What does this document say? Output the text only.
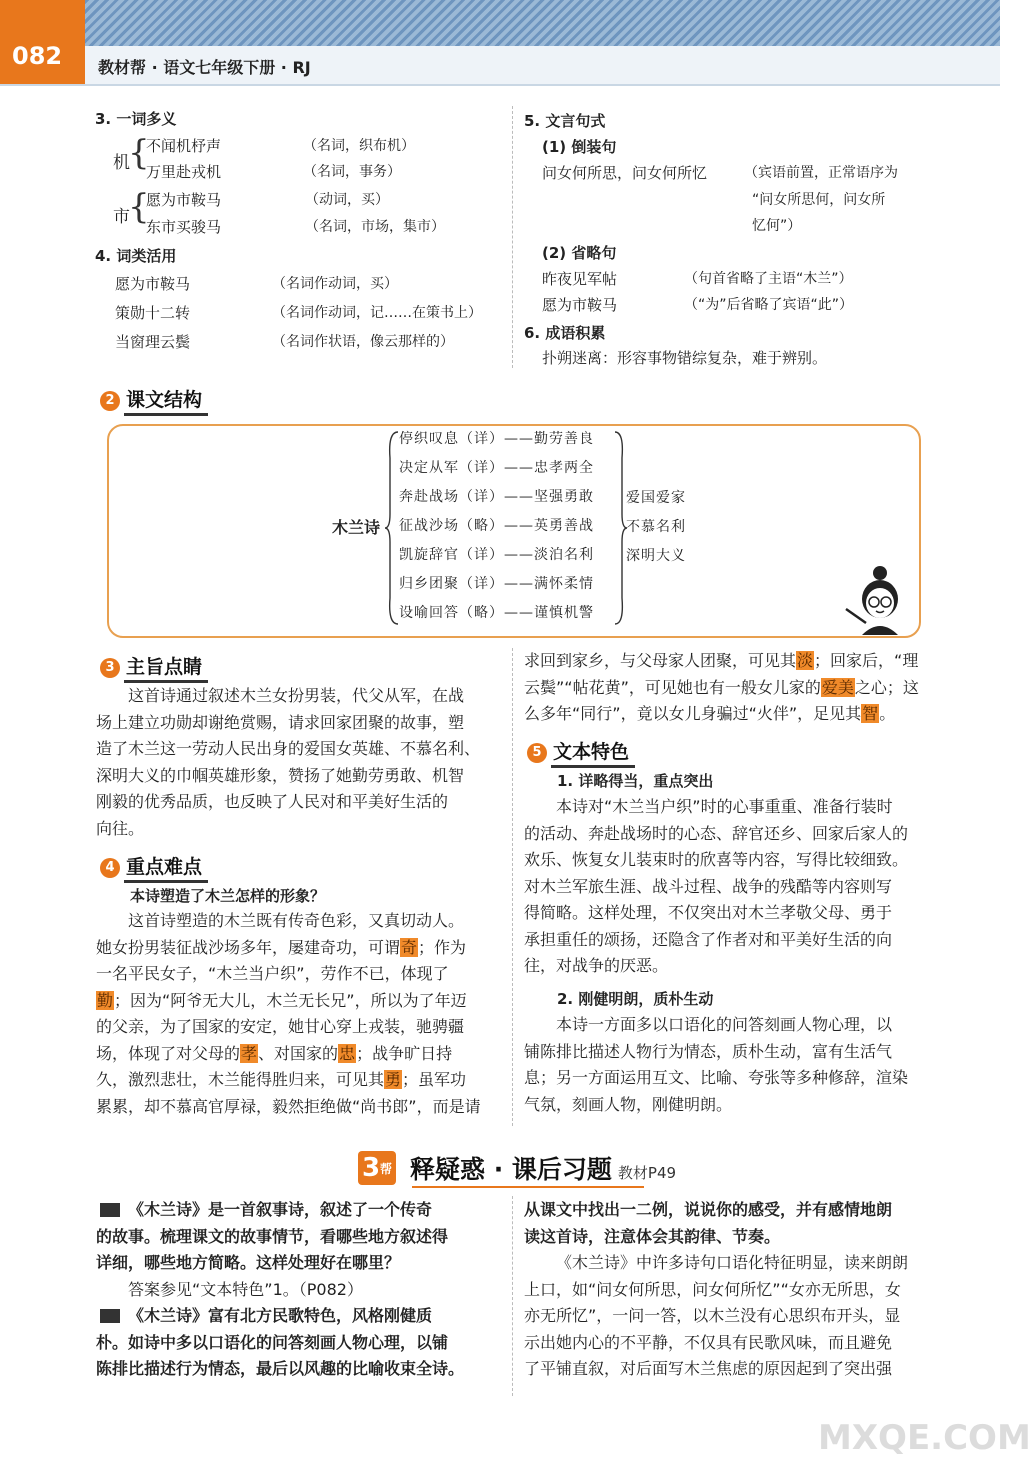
082 教材帮 · 语文七年级下册 · RJ
3. 一词多义
机
{
不闻机杼声	（名词，织布机）
万里赴戎机	（名词，事务）
市
{
愿为市鞍马	（动词，买）
东市买骏马	（名词，市场，集市）
4. 词类活用
愿为市鞍马	（名词作动词，买）
策勋十二转	（名词作动词，记……在策书上）
当窗理云鬓	（名词作状语，像云那样的）
5. 文言句式
(1) 倒装句
问女何所思，问女何所忆	（宾语前置，正常语序为
“问女所思何，问女所
忆何”）
(2) 省略句
昨夜见军帖	（句首省略了主语“木兰”）
愿为市鞍马	（“为”后省略了宾语“此”）
6. 成语积累
扑朔迷离：形容事物错综复杂，难于辨别。
2 课文结构
木兰诗
停织叹息（详）——勤劳善良
决定从军（详）——忠孝两全
奔赴战场（详）——坚强勇敢
征战沙场（略）——英勇善战
凯旋辞官（详）——淡泊名利
归乡团聚（详）——满怀柔情
设喻回答（略）——谨慎机警
爱国爱家
不慕名利
深明大义
3 主旨点睛
这首诗通过叙述木兰女扮男装，代父从军，在战
场上建立功勋却谢绝赏赐，请求回家团聚的故事，塑
造了木兰这一劳动人民出身的爱国女英雄、不慕名利、
深明大义的巾帼英雄形象，赞扬了她勤劳勇敢、机智
刚毅的优秀品质，也反映了人民对和平美好生活的
向往。
4 重点难点
本诗塑造了木兰怎样的形象？
这首诗塑造的木兰既有传奇色彩，又真切动人。
她女扮男装征战沙场多年，屡建奇功，可谓奇；作为
一名平民女子，“木兰当户织”，劳作不已，体现了
勤；因为“阿爷无大儿，木兰无长兄”，所以为了年迈
的父亲，为了国家的安定，她甘心穿上戎装，驰骋疆
场，体现了对父母的孝、对国家的忠；战争旷日持
久，激烈悲壮，木兰能得胜归来，可见其勇；虽军功
累累，却不慕高官厚禄，毅然拒绝做“尚书郎”，而是请
求回到家乡，与父母家人团聚，可见其淡；回家后，“理
云鬓”“帖花黄”，可见她也有一般女儿家的爱美之心；这
么多年“同行”，竟以女儿身骗过“火伴”，足见其智。
5 文本特色
1. 详略得当，重点突出
本诗对“木兰当户织”时的心事重重、准备行装时
的活动、奔赴战场时的心态、辞官还乡、回家后家人的
欢乐、恢复女儿装束时的欣喜等内容，写得比较细致。
对木兰军旅生涯、战斗过程、战争的残酷等内容则写
得简略。这样处理，不仅突出对木兰孝敬父母、勇于
承担重任的颂扬，还隐含了作者对和平美好生活的向
往，对战争的厌恶。
2. 刚健明朗，质朴生动
本诗一方面多以口语化的问答刻画人物心理，以
铺陈排比描述人物行为情态，质朴生动，富有生活气
息；另一方面运用互文、比喻、夸张等多种修辞，渲染
气氛，刻画人物，刚健明朗。
3 帮 释疑惑 · 课后习题 教材P49
《木兰诗》是一首叙事诗，叙述了一个传奇
的故事。梳理课文的故事情节，看哪些地方叙述得
详细，哪些地方简略。这样处理好在哪里？
答案参见“文本特色”1。（P082）
《木兰诗》富有北方民歌特色，风格刚健质
朴。如诗中多以口语化的问答刻画人物心理，以铺
陈排比描述行为情态，最后以风趣的比喻收束全诗。
从课文中找出一二例，说说你的感受，并有感情地朗
读这首诗，注意体会其韵律、节奏。
《木兰诗》中许多诗句口语化特征明显，读来朗朗
上口，如“问女何所思，问女何所忆”“女亦无所思，女
亦无所忆”，一问一答，以木兰没有心思织布开头，显
示出她内心的不平静，不仅具有民歌风味，而且避免
了平铺直叙，对后面写木兰焦虑的原因起到了突出强
MXQE.COM
